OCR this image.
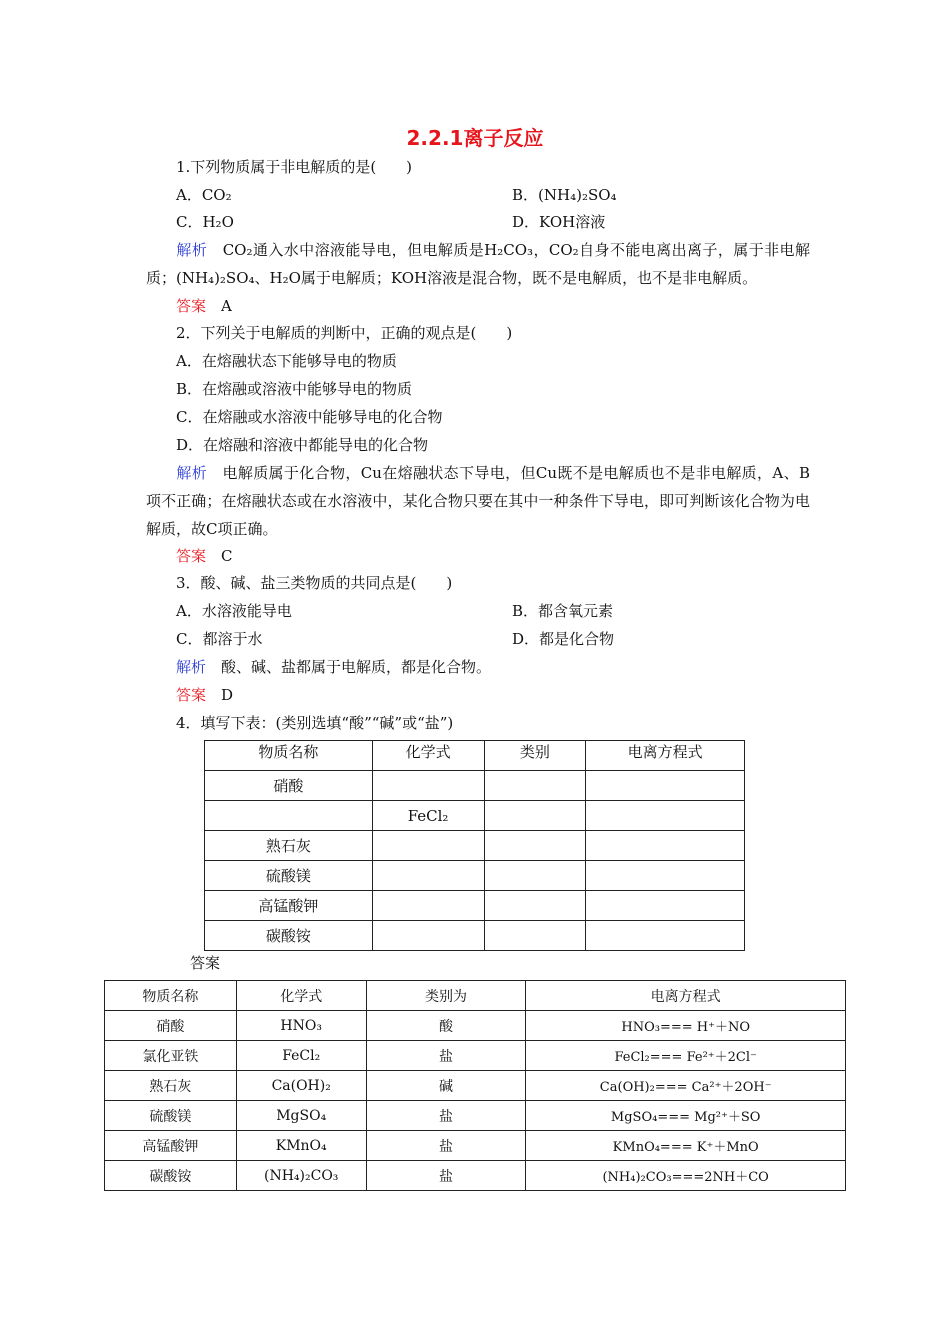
2.2.1离子反应
1.下列物质属于非电解质的是(　　)
A．CO₂	B．(NH₄)₂SO₄
C．H₂O	D．KOH溶液
解析　 CO₂通入水中溶液能导电，但电解质是H₂CO₃，CO₂自身不能电离出离子，属于非电解质；(NH₄)₂SO₄、H₂O属于电解质；KOH溶液是混合物，既不是电解质，也不是非电解质。
答案　 A
2．下列关于电解质的判断中，正确的观点是(　　)
A．在熔融状态下能够导电的物质
B．在熔融或溶液中能够导电的物质
C．在熔融或水溶液中能够导电的化合物
D．在熔融和溶液中都能导电的化合物
解析　 电解质属于化合物，Cu在熔融状态下导电，但Cu既不是电解质也不是非电解质，A、B项不正确；在熔融状态或在水溶液中，某化合物只要在其中一种条件下导电，即可判断该化合物为电解质，故C项正确。
答案　 C
3．酸、碱、盐三类物质的共同点是(　　)
A．水溶液能导电	B．都含氧元素
C．都溶于水	D．都是化合物
解析　 酸、碱、盐都属于电解质，都是化合物。
答案　 D
4．填写下表：(类别选填“酸”“碱”或“盐”)
物质名称	化学式	类别	电离方程式
硝酸			
	FeCl₂		
熟石灰			
硫酸镁			
高锰酸钾			
碳酸铵			
答案
物质名称	化学式	类别为	电离方程式
硝酸	HNO₃	酸	HNO₃=== H⁺＋NO
氯化亚铁	FeCl₂	盐	FeCl₂=== Fe²⁺＋2Cl⁻
熟石灰	Ca(OH)₂	碱	Ca(OH)₂=== Ca²⁺＋2OH⁻
硫酸镁	MgSO₄	盐	MgSO₄=== Mg²⁺＋SO
高锰酸钾	KMnO₄	盐	KMnO₄=== K⁺＋MnO
碳酸铵	(NH₄)₂CO₃	盐	(NH₄)₂CO₃===2NH＋CO
